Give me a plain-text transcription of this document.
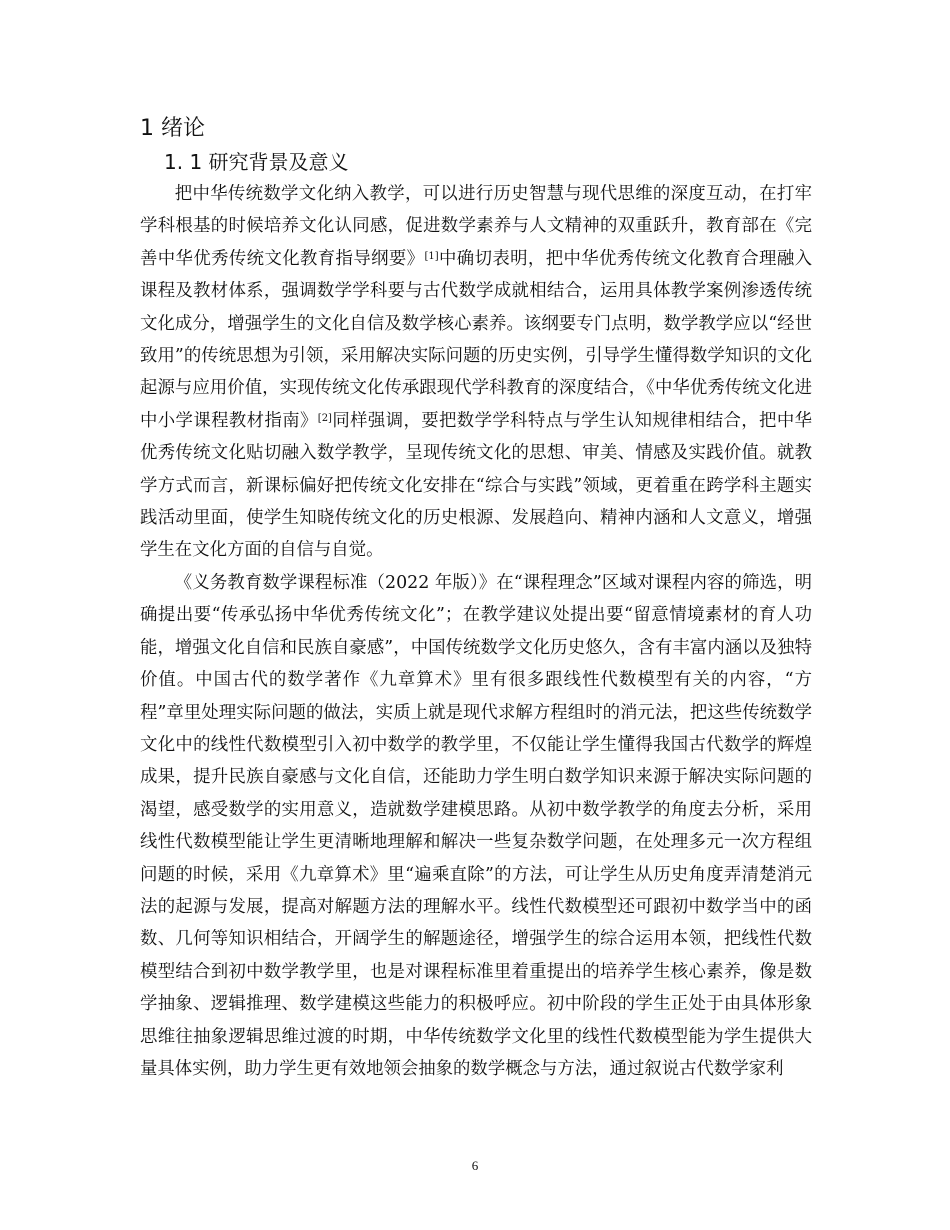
1 绪论
1. 1 研究背景及意义

把中华传统数学文化纳入教学，可以进行历史智慧与现代思维的深度互动，在打牢学科根基的时候培养文化认同感，促进数学素养与人文精神的双重跃升，教育部在《完善中华优秀传统文化教育指导纲要》[1]中确切表明，把中华优秀传统文化教育合理融入课程及教材体系，强调数学学科要与古代数学成就相结合，运用具体教学案例渗透传统文化成分，增强学生的文化自信及数学核心素养。该纲要专门点明，数学教学应以“经世致用”的传统思想为引领，采用解决实际问题的历史实例，引导学生懂得数学知识的文化起源与应用价值，实现传统文化传承跟现代学科教育的深度结合，《中华优秀传统文化进中小学课程教材指南》[2]同样强调，要把数学学科特点与学生认知规律相结合，把中华优秀传统文化贴切融入数学教学，呈现传统文化的思想、审美、情感及实践价值。就教学方式而言，新课标偏好把传统文化安排在“综合与实践”领域，更着重在跨学科主题实践活动里面，使学生知晓传统文化的历史根源、发展趋向、精神内涵和人文意义，增强学生在文化方面的自信与自觉。

《义务教育数学课程标准（2022 年版）》在“课程理念”区域对课程内容的筛选，明确提出要“传承弘扬中华优秀传统文化”；在教学建议处提出要“留意情境素材的育人功能，增强文化自信和民族自豪感”，中国传统数学文化历史悠久，含有丰富内涵以及独特价值。中国古代的数学著作《九章算术》里有很多跟线性代数模型有关的内容，“方程”章里处理实际问题的做法，实质上就是现代求解方程组时的消元法，把这些传统数学文化中的线性代数模型引入初中数学的教学里，不仅能让学生懂得我国古代数学的辉煌成果，提升民族自豪感与文化自信，还能助力学生明白数学知识来源于解决实际问题的渴望，感受数学的实用意义，造就数学建模思路。从初中数学教学的角度去分析，采用线性代数模型能让学生更清晰地理解和解决一些复杂数学问题，在处理多元一次方程组问题的时候，采用《九章算术》里“遍乘直除”的方法，可让学生从历史角度弄清楚消元法的起源与发展，提高对解题方法的理解水平。线性代数模型还可跟初中数学当中的函数、几何等知识相结合，开阔学生的解题途径，增强学生的综合运用本领，把线性代数模型结合到初中数学教学里，也是对课程标准里着重提出的培养学生核心素养，像是数学抽象、逻辑推理、数学建模这些能力的积极呼应。初中阶段的学生正处于由具体形象思维往抽象逻辑思维过渡的时期，中华传统数学文化里的线性代数模型能为学生提供大量具体实例，助力学生更有效地领会抽象的数学概念与方法，通过叙说古代数学家利

6
